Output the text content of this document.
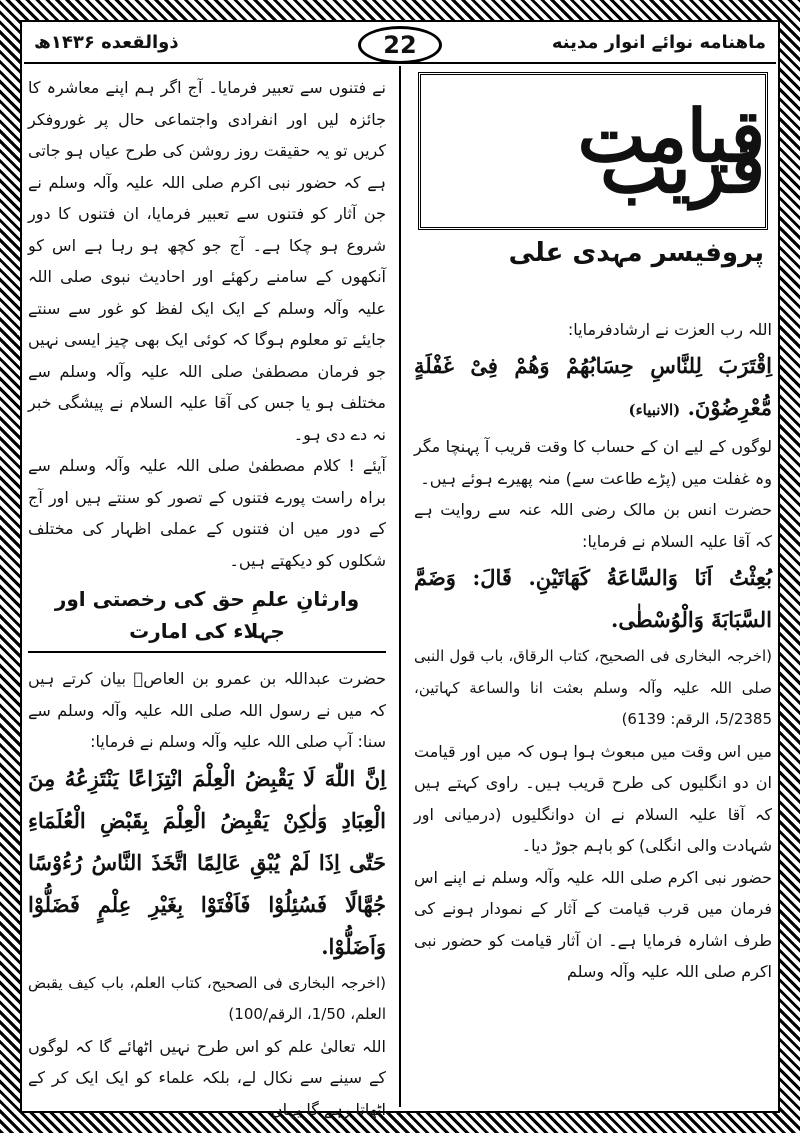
ماهنامه نوائے انوار مدینه
ذوالقعده ۱۴۳۶ھ	22
قیامت قریب
پروفیسر مہدی علی

اللہ رب العزت نے ارشادفرمایا:

اِقْتَرَبَ لِلنَّاسِ حِسَابُهُمْ وَهُمْ فِیْ غَفْلَةٍ مُّعْرِضُوْنَ. (الانبیاء)

لوگوں کے لیے ان کے حساب کا وقت قریب آ پہنچا مگر وہ غفلت میں (پڑے طاعت سے) منہ پھیرے ہوئے ہیں۔

حضرت انس بن مالک رضی اللہ عنہ سے روایت ہے کہ آقا علیہ السلام نے فرمایا:

بُعِثْتُ اَنَا وَالسَّاعَةُ كَهَاتَيْنِ. قَالَ: وَضَمَّ السَّبَابَةَ وَالْوُسْطٰى.

(اخرجہ البخاری فی الصحیح، کتاب الرقاق، باب قول النبی صلی اللہ علیہ وآلہ وسلم بعثت انا والساعة کہاتین، 5/2385، الرقم: 6139)

میں اس وقت میں مبعوث ہوا ہوں کہ میں اور قیامت ان دو انگلیوں کی طرح قریب ہیں۔ راوی کہتے ہیں کہ آقا علیہ السلام نے ان دوانگلیوں (درمیانی اور شہادت والی انگلی) کو باہم جوڑ دیا۔

حضور نبی اکرم صلی اللہ علیہ وآلہ وسلم نے اپنے اس فرمان میں قرب قیامت کے آثار کے نمودار ہونے کی طرف اشارہ فرمایا ہے۔ ان آثار قیامت کو حضور نبی اکرم صلی اللہ علیہ وآلہ وسلم

نے فتنوں سے تعبیر فرمایا۔ آج اگر ہم اپنے معاشرہ کا جائزہ لیں اور انفرادی واجتماعی حال پر غوروفکر کریں تو یہ حقیقت روز روشن کی طرح عیاں ہو جاتی ہے کہ حضور نبی اکرم صلی اللہ علیہ وآلہ وسلم نے جن آثار کو فتنوں سے تعبیر فرمایا، ان فتنوں کا دور شروع ہو چکا ہے۔ آج جو کچھ ہو رہا ہے اس کو آنکھوں کے سامنے رکھئے اور احادیث نبوی صلی اللہ علیہ وآلہ وسلم کے ایک ایک لفظ کو غور سے سنتے جایئے تو معلوم ہوگا کہ کوئی ایک بھی چیز ایسی نہیں جو فرمان مصطفیٰ صلی اللہ علیہ وآلہ وسلم سے مختلف ہو یا جس کی آقا علیہ السلام نے پیشگی خبر نہ دے دی ہو۔

آیئے ! کلام مصطفیٰ صلی اللہ علیہ وآلہ وسلم سے براہ راست پورے فتنوں کے تصور کو سنتے ہیں اور آج کے دور میں ان فتنوں کے عملی اظہار کی مختلف شکلوں کو دیکھتے ہیں۔

وارثانِ علمِ حق کی رخصتی اور جہلاء کی امارت

حضرت عبداللہ بن عمرو بن العاصؓ بیان کرتے ہیں کہ میں نے رسول اللہ صلی اللہ علیہ وآلہ وسلم سے سنا: آپ صلی اللہ علیہ وآلہ وسلم نے فرمایا:

اِنَّ اللّٰهَ لَا يَقْبِضُ الْعِلْمَ انْتِزَاعًا يَنْتَزِعُهُ مِنَ الْعِبَادِ وَلٰكِنْ يَقْبِضُ الْعِلْمَ بِقَبْضِ الْعُلَمَاءِ حَتّٰى اِذَا لَمْ يُبْقِ عَالِمًا اتَّخَذَ النَّاسُ رُءُوْسًا جُهَّالًا فَسُئِلُوْا فَاَفْتَوْا بِغَيْرِ عِلْمٍ فَضَلُّوْا وَاَضَلُّوْا.

(اخرجہ البخاری فی الصحیح، کتاب العلم، باب کیف یقبض العلم، 1/50، الرقم/100)

اللہ تعالیٰ علم کو اس طرح نہیں اٹھائے گا کہ لوگوں کے سینے سے نکال لے، بلکہ علماء کو ایک ایک کر کے اٹھاتا رہے گا یہاں
